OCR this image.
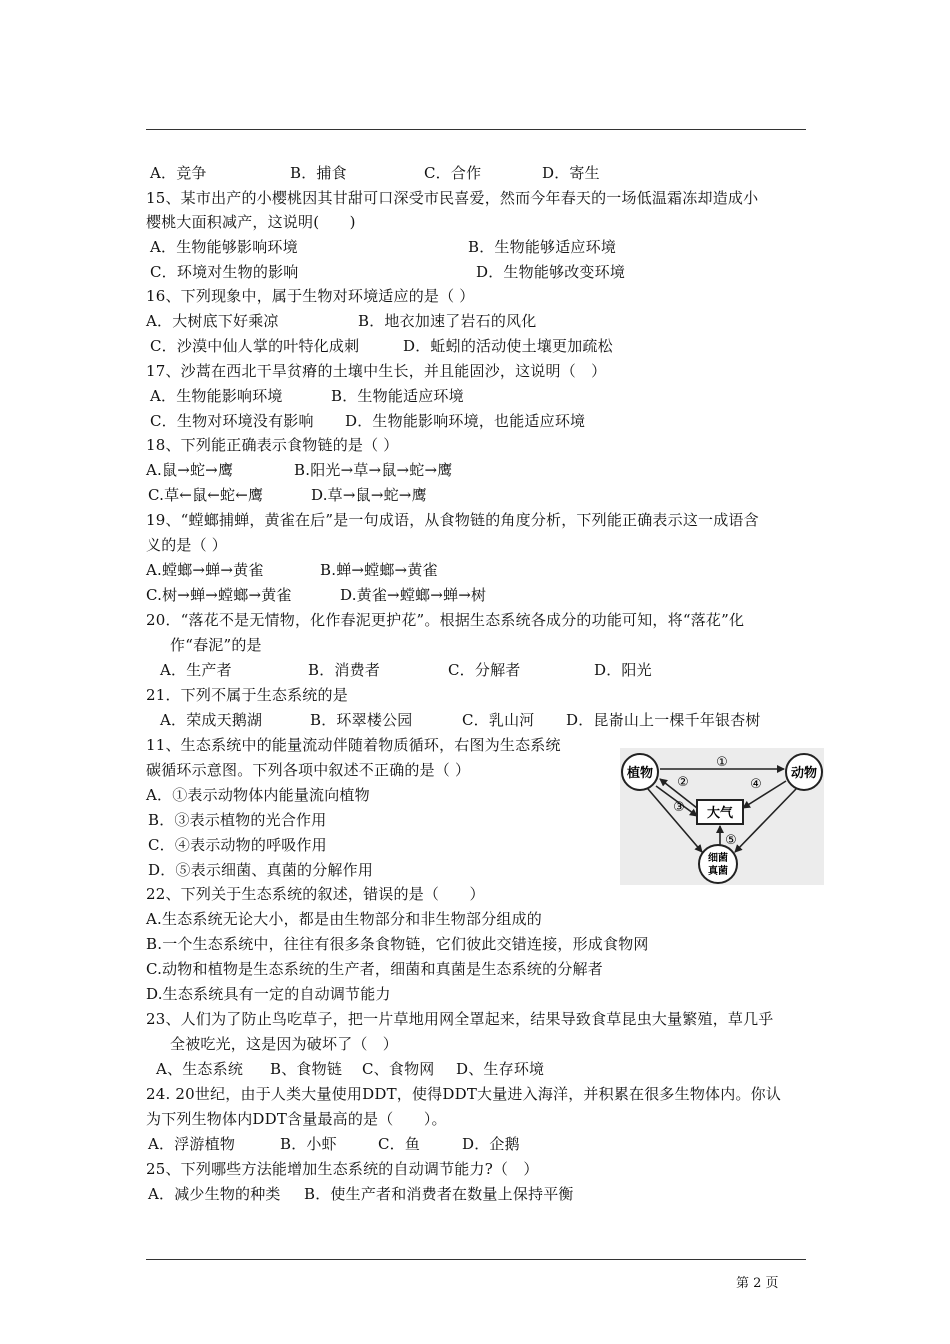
A．竞争	B．捕食	C．合作	D．寄生
15、某市出产的小樱桃因其甘甜可口深受市民喜爱，然而今年春天的一场低温霜冻却造成小
樱桃大面积减产，这说明(　　)
A．生物能够影响环境	B．生物能够适应环境
C．环境对生物的影响	D．生物能够改变环境
16、下列现象中，属于生物对环境适应的是（ ）
A．大树底下好乘凉	B．地衣加速了岩石的风化
C．沙漠中仙人掌的叶特化成刺	D．蚯蚓的活动使土壤更加疏松
17、沙蒿在西北干旱贫瘠的土壤中生长，并且能固沙，这说明（　）
A．生物能影响环境	B．生物能适应环境
C．生物对环境没有影响 D．生物能影响环境，也能适应环境
18、下列能正确表示食物链的是（ ）
A.鼠→蛇→鹰	B.阳光→草→鼠→蛇→鹰
C.草←鼠←蛇←鹰	D.草→鼠→蛇→鹰
19、“螳螂捕蝉，黄雀在后”是一句成语，从食物链的角度分析，下列能正确表示这一成语含
义的是（ ）
A.螳螂→蝉→黄雀	B.蝉→螳螂→黄雀
C.树→蝉→螳螂→黄雀	D.黄雀→螳螂→蝉→树
20．“落花不是无情物，化作春泥更护花”。根据生态系统各成分的功能可知，将“落花”化
作“春泥”的是
A．生产者	B．消费者	C．分解者	D．阳光
21．下列不属于生态系统的是
A．荣成天鹅湖	B．环翠楼公园	C．乳山河 D．昆嵛山上一棵千年银杏树
11、生态系统中的能量流动伴随着物质循环，右图为生态系统
碳循环示意图。下列各项中叙述不正确的是（ ）
A．①表示动物体内能量流向植物
B．③表示植物的光合作用
C．④表示动物的呼吸作用
D．⑤表示细菌、真菌的分解作用
植物	动物
大气
细菌
真菌
①
②
③
④
⑤
22、下列关于生态系统的叙述，错误的是（　　）
A.生态系统无论大小，都是由生物部分和非生物部分组成的
B.一个生态系统中，往往有很多条食物链，它们彼此交错连接，形成食物网
C.动物和植物是生态系统的生产者，细菌和真菌是生态系统的分解者
D.生态系统具有一定的自动调节能力
23、人们为了防止鸟吃草子，把一片草地用网全罩起来，结果导致食草昆虫大量繁殖，草几乎
全被吃光，这是因为破坏了（　）
A、生态系统 B、食物链 C、食物网 D、生存环境
24. 20世纪，由于人类大量使用DDT，使得DDT大量进入海洋，并积累在很多生物体内。你认
为下列生物体内DDT含量最高的是（　　）。
A．浮游植物	B．小虾	C．鱼	D．企鹅
25、下列哪些方法能增加生态系统的自动调节能力?（　）
A．减少生物的种类 B．使生产者和消费者在数量上保持平衡
第 2 页
